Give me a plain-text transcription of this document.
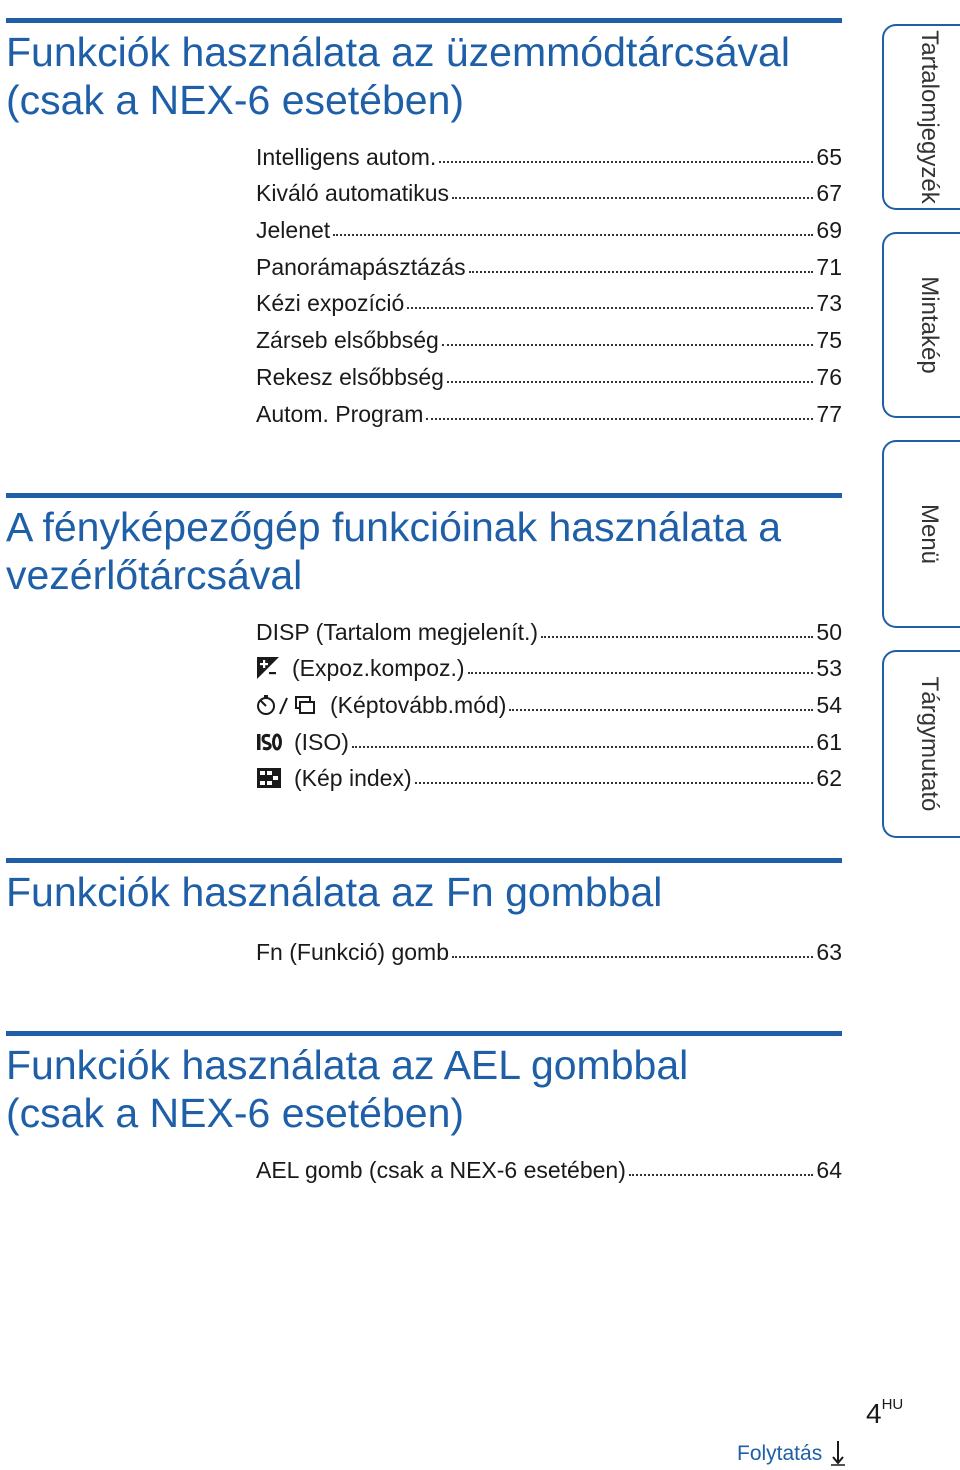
Funkciók használata az üzemmódtárcsával
(csak a NEX-6 esetében)
Intelligens autom.	65
Kiváló automatikus	67
Jelenet	69
Panorámapásztázás	71
Kézi expozíció	73
Zárseb elsőbbség	75
Rekesz elsőbbség	76
Autom. Program	77
A fényképezőgép funkcióinak használata a
vezérlőtárcsával
DISP (Tartalom megjelenít.)	50
(Expoz.kompoz.)	53
(Képtovább.mód)	54
(ISO)	61
(Kép index)	62
Funkciók használata az Fn gombbal
Fn (Funkció) gomb	63
Funkciók használata az AEL gombbal
(csak a NEX-6 esetében)
AEL gomb (csak a NEX-6 esetében)	64
Tartalomjegyzék
Mintakép
Menü
Tárgymutató
$4^{HU}$
Folytatás
